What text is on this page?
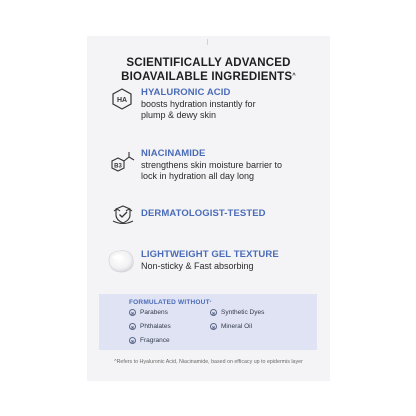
SCIENTIFICALLY ADVANCED
BIOAVAILABLE INGREDIENTS^
HA
HYALURONIC ACID
boosts hydration instantly for
plump & dewy skin
B3
NIACINAMIDE
strengthens skin moisture barrier to
lock in hydration all day long
DERMATOLOGIST-TESTED
LIGHTWEIGHT GEL TEXTURE
Non-sticky & Fast absorbing
FORMULATED WITHOUT*
Parabens
Phthalates
Fragrance
Synthetic Dyes
Mineral Oil
^Refers to Hyaluronic Acid, Niacinamide, based on efficacy up to epidermis layer
